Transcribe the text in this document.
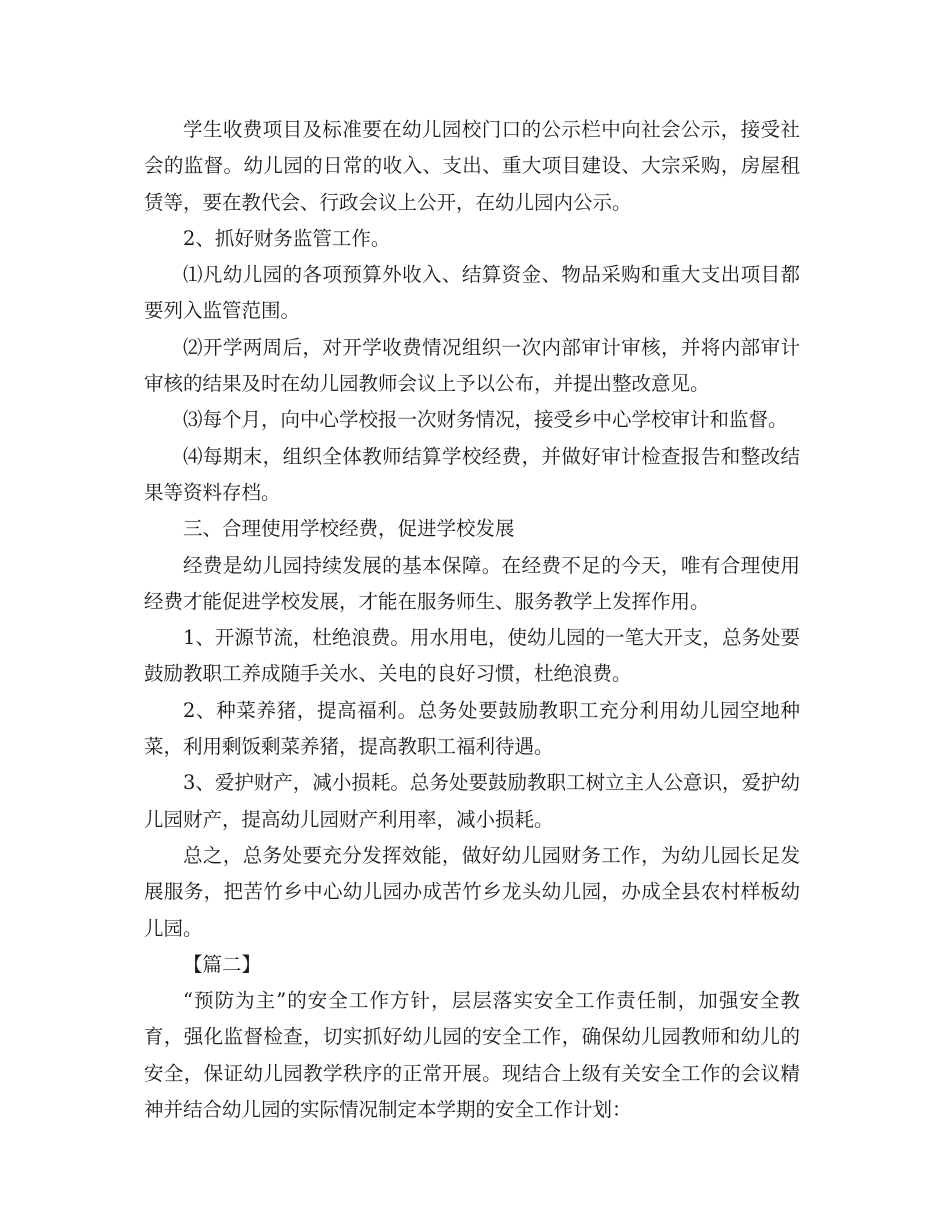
学生收费项目及标准要在幼儿园校门口的公示栏中向社会公示，接受社会的监督。幼儿园的日常的收入、支出、重大项目建设、大宗采购，房屋租赁等，要在教代会、行政会议上公开，在幼儿园内公示。

2、抓好财务监管工作。

⑴凡幼儿园的各项预算外收入、结算资金、物品采购和重大支出项目都要列入监管范围。

⑵开学两周后，对开学收费情况组织一次内部审计审核，并将内部审计审核的结果及时在幼儿园教师会议上予以公布，并提出整改意见。

⑶每个月，向中心学校报一次财务情况，接受乡中心学校审计和监督。

⑷每期末，组织全体教师结算学校经费，并做好审计检查报告和整改结果等资料存档。

三、合理使用学校经费，促进学校发展

经费是幼儿园持续发展的基本保障。在经费不足的今天，唯有合理使用经费才能促进学校发展，才能在服务师生、服务教学上发挥作用。

1、开源节流，杜绝浪费。用水用电，使幼儿园的一笔大开支，总务处要鼓励教职工养成随手关水、关电的良好习惯，杜绝浪费。

2、种菜养猪，提高福利。总务处要鼓励教职工充分利用幼儿园空地种菜，利用剩饭剩菜养猪，提高教职工福利待遇。

3、爱护财产，减小损耗。总务处要鼓励教职工树立主人公意识，爱护幼儿园财产，提高幼儿园财产利用率，减小损耗。

总之，总务处要充分发挥效能，做好幼儿园财务工作，为幼儿园长足发展服务，把苦竹乡中心幼儿园办成苦竹乡龙头幼儿园，办成全县农村样板幼儿园。

【篇二】

“预防为主”的安全工作方针，层层落实安全工作责任制，加强安全教育，强化监督检查，切实抓好幼儿园的安全工作，确保幼儿园教师和幼儿的安全，保证幼儿园教学秩序的正常开展。现结合上级有关安全工作的会议精神并结合幼儿园的实际情况制定本学期的安全工作计划：
